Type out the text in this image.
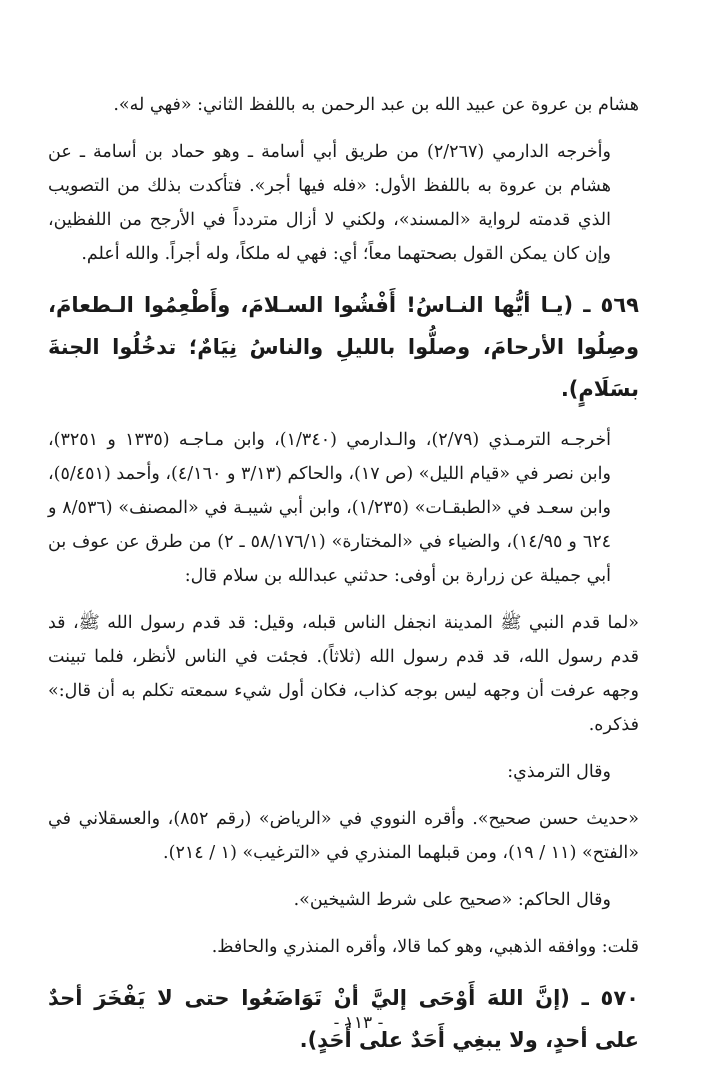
هشام بن عروة عن عبيد الله بن عبد الرحمن به باللفظ الثاني: «فهي له».

وأخرجه الدارمي (٢/٢٦٧) من طريق أبي أسامة ـ وهو حماد بن أسامة ـ عن هشام بن عروة به باللفظ الأول: «فله فيها أجر». فتأكدت بذلك من التصويب الذي قدمته لرواية «المسند»، ولكني لا أزال متردداً في الأرجح من اللفظين، وإن كان يمكن القول بصحتهما معاً؛ أي: فهي له ملكاً، وله أجراً. والله أعلم.

٥٦٩ ـ (يـا أيُّها النـاسُ! أَفْشُوا السـلامَ، وأَطْعِمُوا الـطعامَ، وصِلُوا الأرحامَ، وصلُّوا بالليلِ والناسُ نِيَامٌ؛ تدخُلُوا الجنةَ بسَلَامٍ).

أخرجـه الترمـذي (٢/٧٩)، والـدارمي (١/٣٤٠)، وابن مـاجـه (١٣٣٥ و ٣٢٥١)، وابن نصر في «قيام الليل» (ص ١٧)، والحاكم (٣/١٣ و ٤/١٦٠)، وأحمد (٥/٤٥١)، وابن سعـد في «الطبقـات» (١/٢٣٥)، وابن أبي شيبـة في «المصنف» (٨/٥٣٦ و ٦٢٤ و ١٤/٩٥)، والضياء في «المختارة» (٥٨/١٧٦/١ ـ ٢) من طرق عن عوف بن أبي جميلة عن زرارة بن أوفى: حدثني عبدالله بن سلام قال:

«لما قدم النبي ﷺ المدينة انجفل الناس قبله، وقيل: قد قدم رسول الله ﷺ، قد قدم رسول الله، قد قدم رسول الله (ثلاثاً). فجئت في الناس لأنظر، فلما تبينت وجهه عرفت أن وجهه ليس بوجه كذاب، فكان أول شيء سمعته تكلم به أن قال:» فذكره.

وقال الترمذي:

«حديث حسن صحيح». وأقره النووي في «الرياض» (رقم ٨٥٢)، والعسقلاني في «الفتح» (١١ / ١٩)، ومن قبلهما المنذري في «الترغيب» (١ / ٢١٤).

وقال الحاكم: «صحيح على شرط الشيخين».

قلت: ووافقه الذهبي، وهو كما قالا، وأقره المنذري والحافظ.

٥٧٠ ـ (إنَّ اللهَ أَوْحَى إليَّ أنْ تَوَاضَعُوا حتى لا يَفْخَرَ أحدٌ على أحدٍ، ولا يبغِي أَحَدٌ على أَحَدٍ).

- ١١٣ -
